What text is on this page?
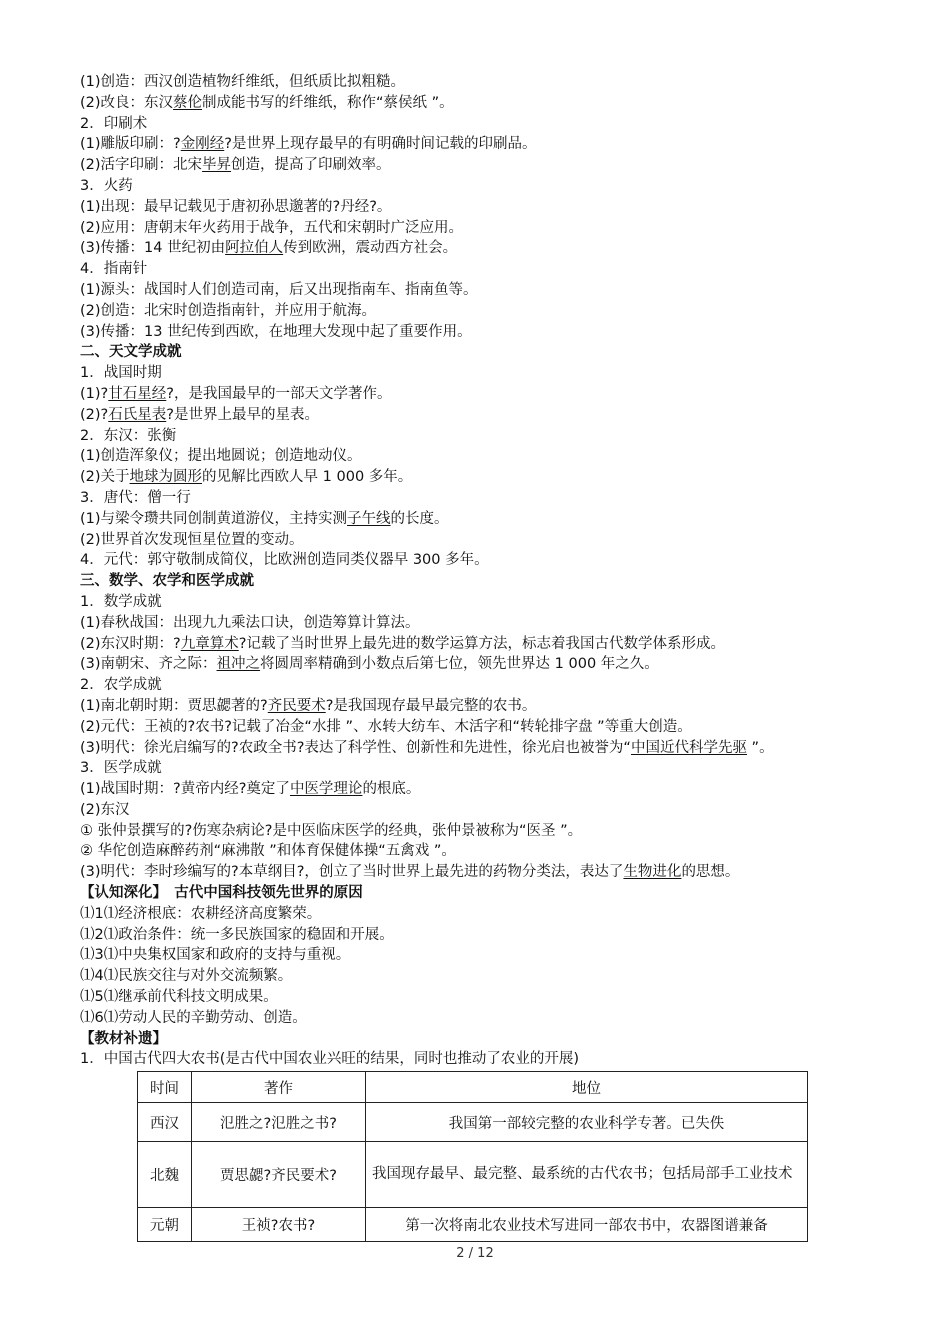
(1)创造：西汉创造植物纤维纸，但纸质比拟粗糙。
(2)改良：东汉蔡伦制成能书写的纤维纸，称作“蔡侯纸 ”。
2．印刷术
(1)雕版印刷：?金刚经?是世界上现存最早的有明确时间记载的印刷品。
(2)活字印刷：北宋毕昇创造，提高了印刷效率。
3．火药
(1)出现：最早记载见于唐初孙思邈著的?丹经?。
(2)应用：唐朝末年火药用于战争，五代和宋朝时广泛应用。
(3)传播：14 世纪初由阿拉伯人传到欧洲，震动西方社会。
4．指南针
(1)源头：战国时人们创造司南，后又出现指南车、指南鱼等。
(2)创造：北宋时创造指南针，并应用于航海。
(3)传播：13 世纪传到西欧，在地理大发现中起了重要作用。
二、天文学成就
1．战国时期
(1)?甘石星经?，是我国最早的一部天文学著作。
(2)?石氏星表?是世界上最早的星表。
2．东汉：张衡
(1)创造浑象仪；提出地圆说；创造地动仪。
(2)关于地球为圆形的见解比西欧人早 1 000 多年。
3．唐代：僧一行
(1)与梁令瓒共同创制黄道游仪，主持实测子午线的长度。
(2)世界首次发现恒星位置的变动。
4．元代：郭守敬制成简仪，比欧洲创造同类仪器早 300 多年。
三、数学、农学和医学成就
1．数学成就
(1)春秋战国：出现九九乘法口诀，创造筹算计算法。
(2)东汉时期：?九章算术?记载了当时世界上最先进的数学运算方法，标志着我国古代数学体系形成。
(3)南朝宋、齐之际：祖冲之将圆周率精确到小数点后第七位，领先世界达 1 000 年之久。
2．农学成就
(1)南北朝时期：贾思勰著的?齐民要术?是我国现存最早最完整的农书。
(2)元代：王祯的?农书?记载了冶金“水排 ”、水转大纺车、木活字和“转轮排字盘 ”等重大创造。
(3)明代：徐光启编写的?农政全书?表达了科学性、创新性和先进性，徐光启也被誉为“中国近代科学先驱 ”。
3．医学成就
(1)战国时期：?黄帝内经?奠定了中医学理论的根底。
(2)东汉
① 张仲景撰写的?伤寒杂病论?是中医临床医学的经典，张仲景被称为“医圣 ”。
② 华佗创造麻醉药剂“麻沸散 ”和体育保健体操“五禽戏 ”。
(3)明代：李时珍编写的?本草纲目?，创立了当时世界上最先进的药物分类法，表达了生物进化的思想。
【认知深化】　古代中国科技领先世界的原因
⑴1⑴经济根底：农耕经济高度繁荣。
⑴2⑴政治条件：统一多民族国家的稳固和开展。
⑴3⑴中央集权国家和政府的支持与重视。
⑴4⑴民族交往与对外交流频繁。
⑴5⑴继承前代科技文明成果。
⑴6⑴劳动人民的辛勤劳动、创造。
【教材补遗】
1．中国古代四大农书(是古代中国农业兴旺的结果，同时也推动了农业的开展)
时间	著作	地位
西汉	氾胜之?氾胜之书?	我国第一部较完整的农业科学专著。已失佚
北魏	贾思勰?齐民要术?	我国现存最早、最完整、最系统的古代农书；包括局部手工业技术
元朝	王祯?农书?	第一次将南北农业技术写进同一部农书中，农器图谱兼备
2 / 12
